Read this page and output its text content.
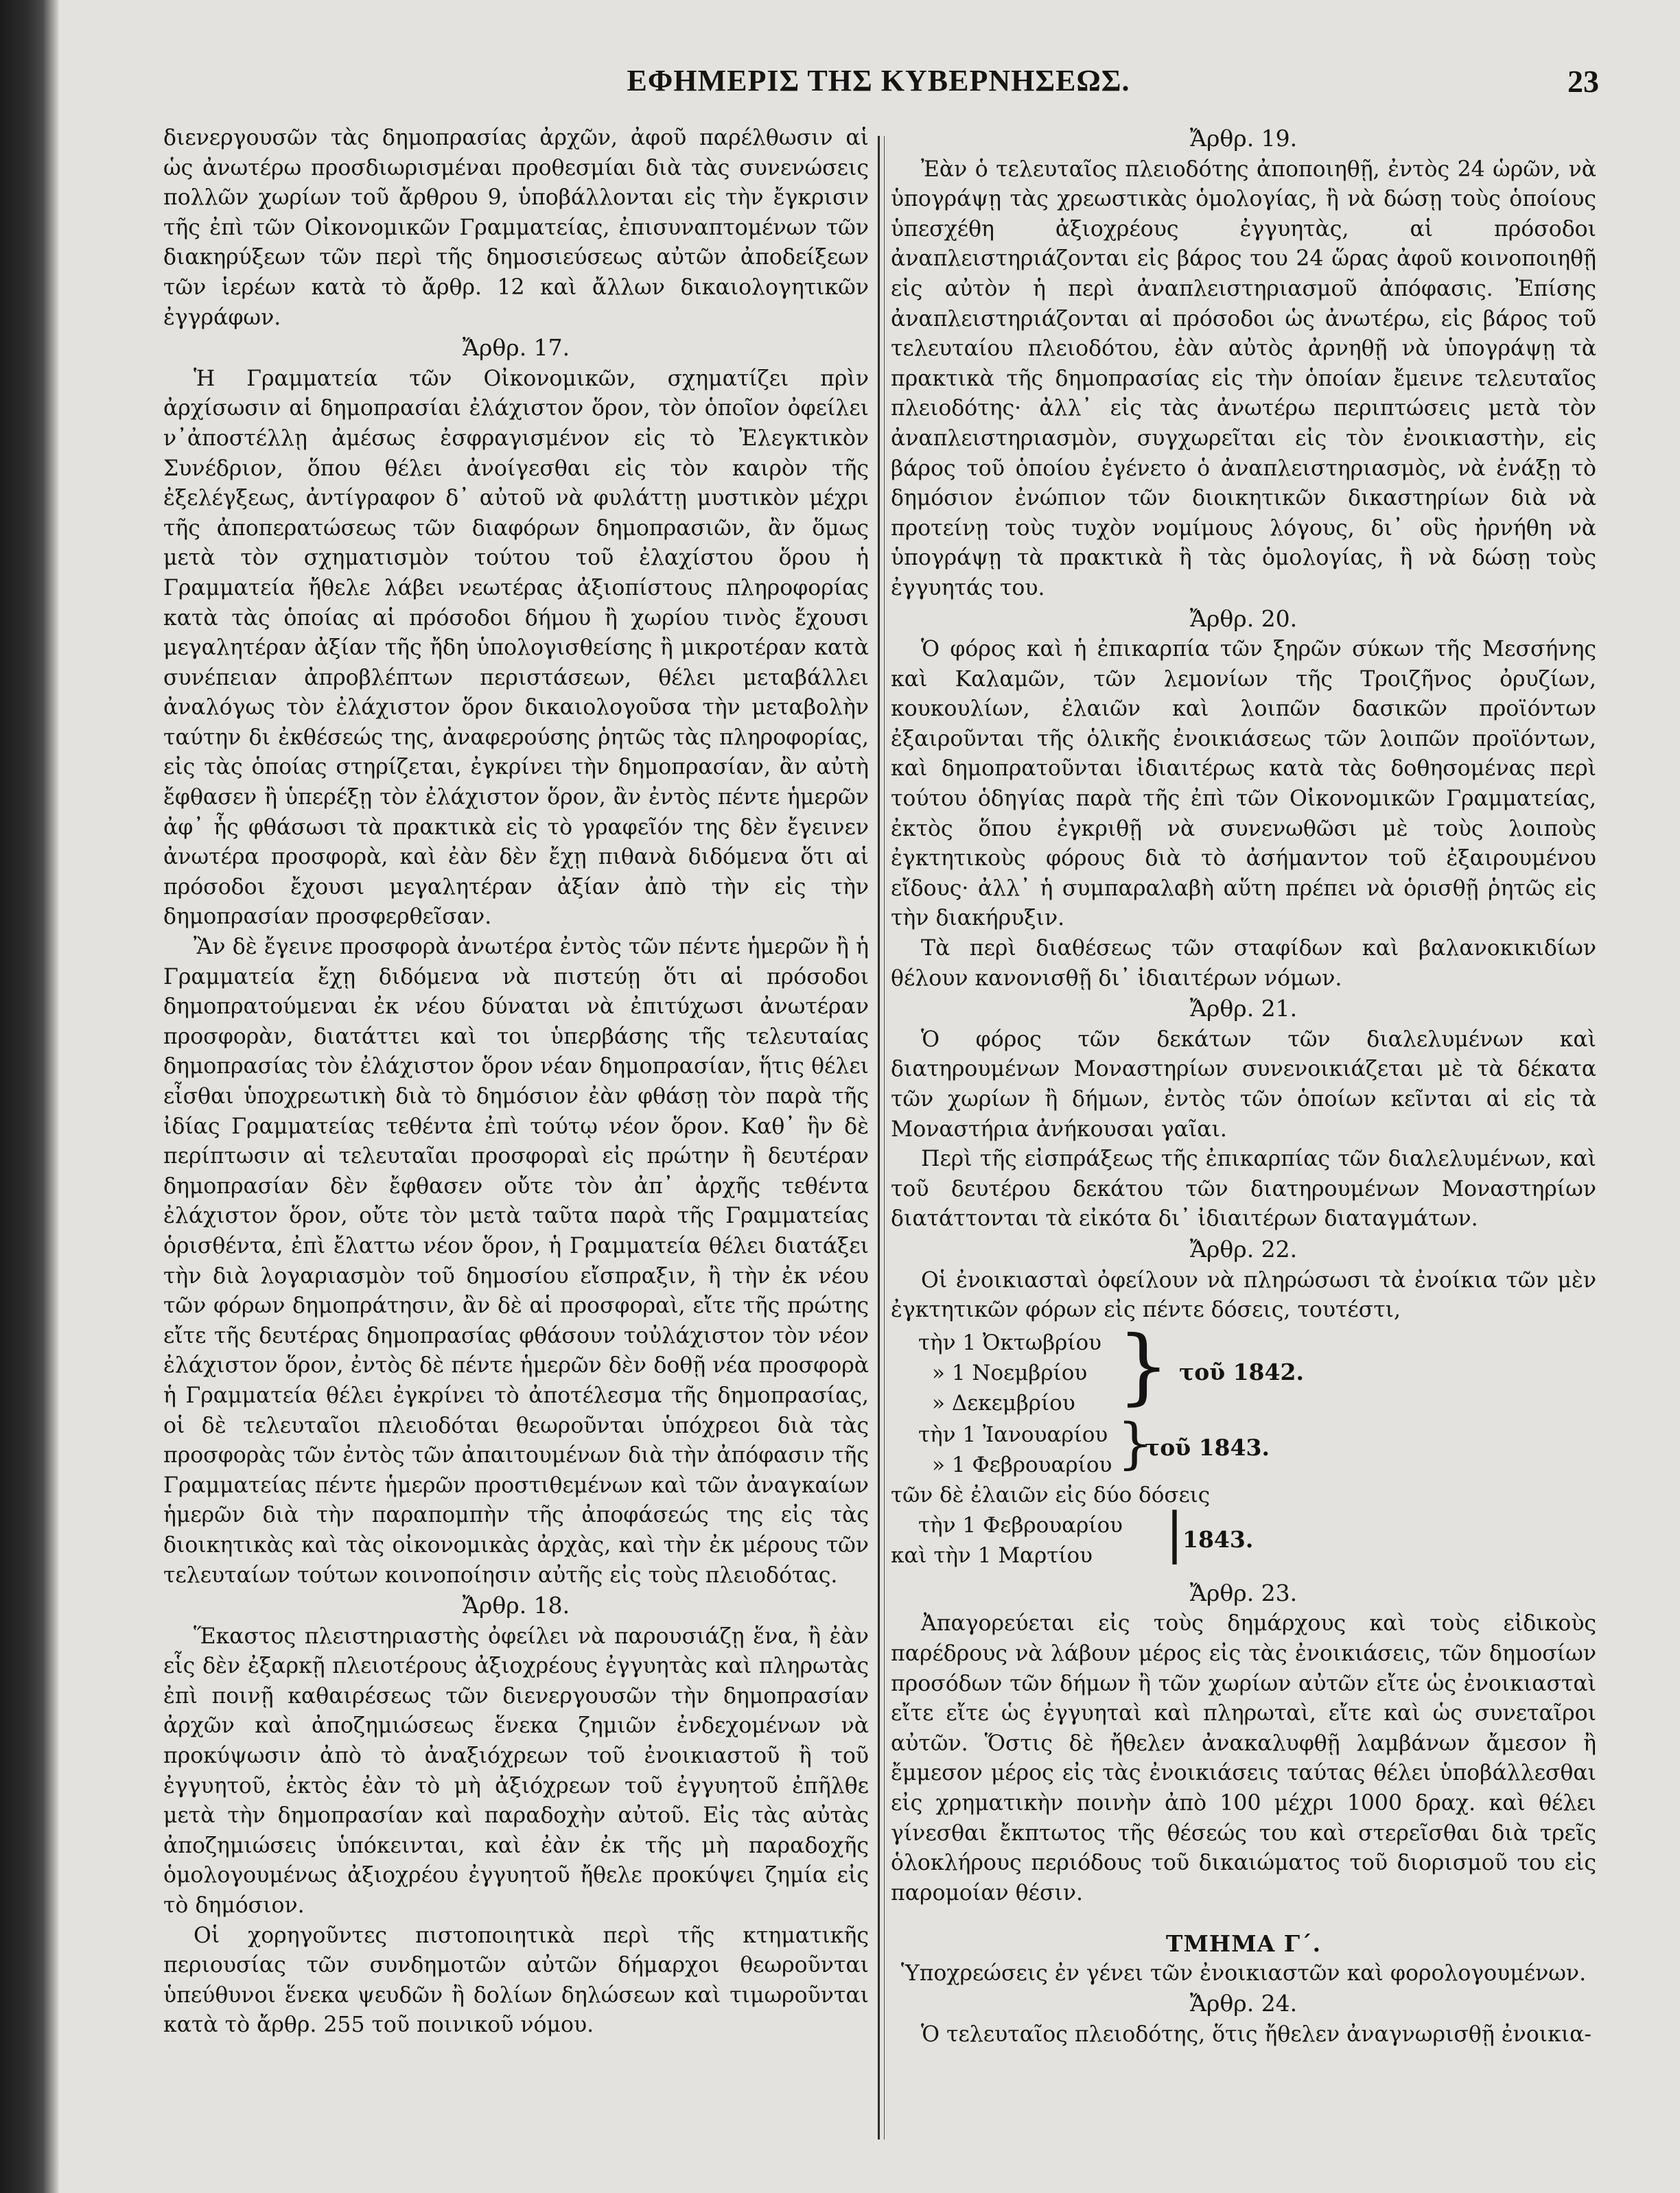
ΕΦΗΜΕΡΙΣ ΤΗΣ ΚΥΒΕΡΝΗΣΕΩΣ.	23

διενεργουσῶν τὰς δημοπρασίας ἀρχῶν, ἀφοῦ παρέλθωσιν αἱ ὡς ἀνωτέρω προσδιωρισμέναι προθεσμίαι διὰ τὰς συνενώσεις πολλῶν χωρίων τοῦ ἄρθρου 9, ὑποβάλλονται εἰς τὴν ἔγκρισιν τῆς ἐπὶ τῶν Οἰκονομικῶν Γραμματείας, ἐπισυναπτομένων τῶν διακηρύξεων τῶν περὶ τῆς δημοσιεύσεως αὐτῶν ἀποδείξεων τῶν ἱερέων κατὰ τὸ ἄρθρ. 12 καὶ ἄλλων δικαιολογητικῶν ἐγγράφων.

Ἄρθρ. 17.

Ἡ Γραμματεία τῶν Οἰκονομικῶν, σχηματίζει πρὶν ἀρχίσωσιν αἱ δημοπρασίαι ἐλάχιστον ὅρον, τὸν ὁποῖον ὀφείλει ν᾽ἀποστέλλῃ ἀμέσως ἐσφραγισμένον εἰς τὸ Ἐλεγκτικὸν Συνέδριον, ὅπου θέλει ἀνοίγεσθαι εἰς τὸν καιρὸν τῆς ἐξελέγξεως, ἀντίγραφον δ᾽ αὐτοῦ νὰ φυλάττῃ μυστικὸν μέχρι τῆς ἀποπερατώσεως τῶν διαφόρων δημοπρασιῶν, ἂν ὅμως μετὰ τὸν σχηματισμὸν τούτου τοῦ ἐλαχίστου ὅρου ἡ Γραμματεία ἤθελε λάβει νεωτέρας ἀξιοπίστους πληροφορίας κατὰ τὰς ὁποίας αἱ πρόσοδοι δήμου ἢ χωρίου τινὸς ἔχουσι μεγαλητέραν ἀξίαν τῆς ἤδη ὑπολογισθείσης ἢ μικροτέραν κατὰ συνέπειαν ἀπροβλέπτων περιστάσεων, θέλει μεταβάλλει ἀναλόγως τὸν ἐλάχιστον ὅρον δικαιολογοῦσα τὴν μεταβολὴν ταύτην δι ἐκθέσεώς της, ἀναφερούσης ῥητῶς τὰς πληροφορίας, εἰς τὰς ὁποίας στηρίζεται, ἐγκρίνει τὴν δημοπρασίαν, ἂν αὐτὴ ἔφθασεν ἢ ὑπερέξῃ τὸν ἐλάχιστον ὅρον, ἂν ἐντὸς πέντε ἡμερῶν ἀφ᾽ ἧς φθάσωσι τὰ πρακτικὰ εἰς τὸ γραφεῖόν της δὲν ἔγεινεν ἀνωτέρα προσφορὰ, καὶ ἐὰν δὲν ἔχῃ πιθανὰ διδόμενα ὅτι αἱ πρόσοδοι ἔχουσι μεγαλητέραν ἀξίαν ἀπὸ τὴν εἰς τὴν δημοπρασίαν προσφερθεῖσαν.

Ἂν δὲ ἔγεινε προσφορὰ ἀνωτέρα ἐντὸς τῶν πέντε ἡμερῶν ἢ ἡ Γραμματεία ἔχῃ διδόμενα νὰ πιστεύῃ ὅτι αἱ πρόσοδοι δημοπρατούμεναι ἐκ νέου δύναται νὰ ἐπιτύχωσι ἀνωτέραν προσφορὰν, διατάττει καὶ τοι ὑπερβάσης τῆς τελευταίας δημοπρασίας τὸν ἐλάχιστον ὅρον νέαν δημοπρασίαν, ἥτις θέλει εἶσθαι ὑποχρεωτικὴ διὰ τὸ δημόσιον ἐὰν φθάσῃ τὸν παρὰ τῆς ἰδίας Γραμματείας τεθέντα ἐπὶ τούτῳ νέον ὅρον. Καθ᾽ ἣν δὲ περίπτωσιν αἱ τελευταῖαι προσφοραὶ εἰς πρώτην ἢ δευτέραν δημοπρασίαν δὲν ἔφθασεν οὔτε τὸν ἀπ᾽ ἀρχῆς τεθέντα ἐλάχιστον ὅρον, οὔτε τὸν μετὰ ταῦτα παρὰ τῆς Γραμματείας ὁρισθέντα, ἐπὶ ἔλαττω νέον ὅρον, ἡ Γραμματεία θέλει διατάξει τὴν διὰ λογαριασμὸν τοῦ δημοσίου εἴσπραξιν, ἢ τὴν ἐκ νέου τῶν φόρων δημοπράτησιν, ἂν δὲ αἱ προσφοραὶ, εἴτε τῆς πρώτης εἴτε τῆς δευτέρας δημοπρασίας φθάσουν τοὐλάχιστον τὸν νέον ἐλάχιστον ὅρον, ἐντὸς δὲ πέντε ἡμερῶν δὲν δοθῇ νέα προσφορὰ ἡ Γραμματεία θέλει ἐγκρίνει τὸ ἀποτέλεσμα τῆς δημοπρασίας, οἱ δὲ τελευταῖοι πλειοδόται θεωροῦνται ὑπόχρεοι διὰ τὰς προσφορὰς τῶν ἐντὸς τῶν ἀπαιτουμένων διὰ τὴν ἀπόφασιν τῆς Γραμματείας πέντε ἡμερῶν προστιθεμένων καὶ τῶν ἀναγκαίων ἡμερῶν διὰ τὴν παραπομπὴν τῆς ἀποφάσεώς της εἰς τὰς διοικητικὰς καὶ τὰς οἰκονομικὰς ἀρχὰς, καὶ τὴν ἐκ μέρους τῶν τελευταίων τούτων κοινοποίησιν αὐτῆς εἰς τοὺς πλειοδότας.

Ἄρθρ. 18.

Ἕκαστος πλειστηριαστὴς ὀφείλει νὰ παρουσιάζῃ ἕνα, ἢ ἐὰν εἷς δὲν ἐξαρκῇ πλειοτέρους ἀξιοχρέους ἐγγυητὰς καὶ πληρωτὰς ἐπὶ ποινῇ καθαιρέσεως τῶν διενεργουσῶν τὴν δημοπρασίαν ἀρχῶν καὶ ἀποζημιώσεως ἕνεκα ζημιῶν ἐνδεχομένων νὰ προκύψωσιν ἀπὸ τὸ ἀναξιόχρεων τοῦ ἐνοικιαστοῦ ἢ τοῦ ἐγγυητοῦ, ἐκτὸς ἐὰν τὸ μὴ ἀξιόχρεων τοῦ ἐγγυητοῦ ἐπῆλθε μετὰ τὴν δημοπρασίαν καὶ παραδοχὴν αὐτοῦ. Εἰς τὰς αὐτὰς ἀποζημιώσεις ὑπόκεινται, καὶ ἐὰν ἐκ τῆς μὴ παραδοχῆς ὁμολογουμένως ἀξιοχρέου ἐγγυητοῦ ἤθελε προκύψει ζημία εἰς τὸ δημόσιον.

Οἱ χορηγοῦντες πιστοποιητικὰ περὶ τῆς κτηματικῆς περιουσίας τῶν συνδημοτῶν αὐτῶν δήμαρχοι θεωροῦνται ὑπεύθυνοι ἕνεκα ψευδῶν ἢ δολίων δηλώσεων καὶ τιμωροῦνται κατὰ τὸ ἄρθρ. 255 τοῦ ποινικοῦ νόμου.

Ἄρθρ. 19.

Ἐὰν ὁ τελευταῖος πλειοδότης ἀποποιηθῇ, ἐντὸς 24 ὡρῶν, νὰ ὑπογράψῃ τὰς χρεωστικὰς ὁμολογίας, ἢ νὰ δώσῃ τοὺς ὁποίους ὑπεσχέθη ἀξιοχρέους ἐγγυητὰς, αἱ πρόσοδοι ἀναπλειστηριάζονται εἰς βάρος του 24 ὥρας ἀφοῦ κοινοποιηθῇ εἰς αὐτὸν ἡ περὶ ἀναπλειστηριασμοῦ ἀπόφασις. Ἐπίσης ἀναπλειστηριάζονται αἱ πρόσοδοι ὡς ἀνωτέρω, εἰς βάρος τοῦ τελευταίου πλειοδότου, ἐὰν αὐτὸς ἀρνηθῇ νὰ ὑπογράψῃ τὰ πρακτικὰ τῆς δημοπρασίας εἰς τὴν ὁποίαν ἔμεινε τελευταῖος πλειοδότης· ἀλλ᾽ εἰς τὰς ἀνωτέρω περιπτώσεις μετὰ τὸν ἀναπλειστηριασμὸν, συγχωρεῖται εἰς τὸν ἐνοικιαστὴν, εἰς βάρος τοῦ ὁποίου ἐγένετο ὁ ἀναπλειστηριασμὸς, νὰ ἐνάξῃ τὸ δημόσιον ἐνώπιον τῶν διοικητικῶν δικαστηρίων διὰ νὰ προτείνῃ τοὺς τυχὸν νομίμους λόγους, δι᾽ οὓς ἠρνήθη νὰ ὑπογράψῃ τὰ πρακτικὰ ἢ τὰς ὁμολογίας, ἢ νὰ δώσῃ τοὺς ἐγγυητάς του.

Ἄρθρ. 20.

Ὁ φόρος καὶ ἡ ἐπικαρπία τῶν ξηρῶν σύκων τῆς Μεσσήνης καὶ Καλαμῶν, τῶν λεμονίων τῆς Τροιζῆνος ὀρυζίων, κουκουλίων, ἐλαιῶν καὶ λοιπῶν δασικῶν προϊόντων ἐξαιροῦνται τῆς ὁλικῆς ἐνοικιάσεως τῶν λοιπῶν προϊόντων, καὶ δημοπρατοῦνται ἰδιαιτέρως κατὰ τὰς δοθησομένας περὶ τούτου ὁδηγίας παρὰ τῆς ἐπὶ τῶν Οἰκονομικῶν Γραμματείας, ἐκτὸς ὅπου ἐγκριθῇ νὰ συνενωθῶσι μὲ τοὺς λοιποὺς ἐγκτητικοὺς φόρους διὰ τὸ ἀσήμαντον τοῦ ἐξαιρουμένου εἴδους· ἀλλ᾽ ἡ συμπαραλαβὴ αὕτη πρέπει νὰ ὁρισθῇ ῥητῶς εἰς τὴν διακήρυξιν.

Τὰ περὶ διαθέσεως τῶν σταφίδων καὶ βαλανοκικιδίων θέλουν κανονισθῇ δι᾽ ἰδιαιτέρων νόμων.

Ἄρθρ. 21.

Ὁ φόρος τῶν δεκάτων τῶν διαλελυμένων καὶ διατηρουμένων Μοναστηρίων συνενοικιάζεται μὲ τὰ δέκατα τῶν χωρίων ἢ δήμων, ἐντὸς τῶν ὁποίων κεῖνται αἱ εἰς τὰ Μοναστήρια ἀνήκουσαι γαῖαι.

Περὶ τῆς εἰσπράξεως τῆς ἐπικαρπίας τῶν διαλελυμένων, καὶ τοῦ δευτέρου δεκάτου τῶν διατηρουμένων Μοναστηρίων διατάττονται τὰ εἰκότα δι᾽ ἰδιαιτέρων διαταγμάτων.

Ἄρθρ. 22.

Οἱ ἐνοικιασταὶ ὀφείλουν νὰ πληρώσωσι τὰ ἐνοίκια τῶν μὲν ἐγκτητικῶν φόρων εἰς πέντε δόσεις, τουτέστι,

τὴν 1 Ὀκτωβρίου
» 1 Νοεμβρίου
» Δεκεμβρίου } τοῦ 1842.
τὴν 1 Ἰανουαρίου
» 1 Φεβρουαρίου }
τοῦ 1843.
τῶν δὲ ἐλαιῶν εἰς δύο δόσεις
τὴν 1 Φεβρουαρίου
καὶ τὴν 1 Μαρτίου |
1843.

Ἄρθρ. 23.

Ἀπαγορεύεται εἰς τοὺς δημάρχους καὶ τοὺς εἰδικοὺς παρέδρους νὰ λάβουν μέρος εἰς τὰς ἐνοικιάσεις, τῶν δημοσίων προσόδων τῶν δήμων ἢ τῶν χωρίων αὐτῶν εἴτε ὡς ἐνοικιασταὶ εἴτε εἴτε ὡς ἐγγυηταὶ καὶ πληρωταὶ, εἴτε καὶ ὡς συνεταῖροι αὐτῶν. Ὅστις δὲ ἤθελεν ἀνακαλυφθῇ λαμβάνων ἄμεσον ἢ ἔμμεσον μέρος εἰς τὰς ἐνοικιάσεις ταύτας θέλει ὑποβάλλεσθαι εἰς χρηματικὴν ποινὴν ἀπὸ 100 μέχρι 1000 δραχ. καὶ θέλει γίνεσθαι ἔκπτωτος τῆς θέσεώς του καὶ στερεῖσθαι διὰ τρεῖς ὁλοκλήρους περιόδους τοῦ δικαιώματος τοῦ διορισμοῦ του εἰς παρομοίαν θέσιν.

ΤΜΗΜΑ Γ΄.

Ὑποχρεώσεις ἐν γένει τῶν ἐνοικιαστῶν καὶ φορολογουμένων.

Ἄρθρ. 24.

Ὁ τελευταῖος πλειοδότης, ὅτις ἤθελεν ἀναγνωρισθῇ ἐνοικια-
